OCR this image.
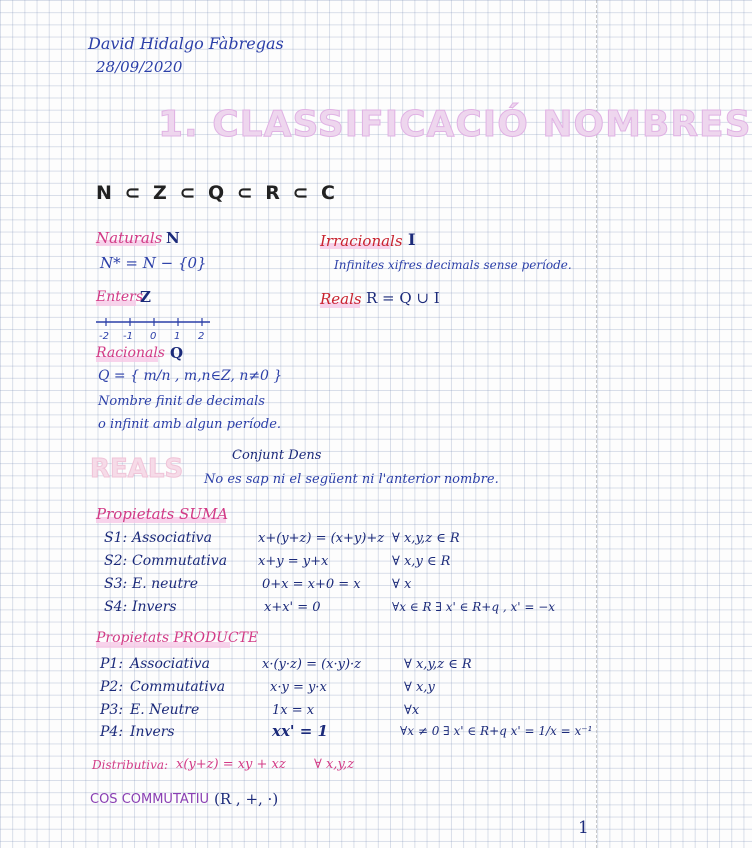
David Hidalgo Fàbregas
28/09/2020
1. CLASSIFICACIÓ NOMBRES
N ⊂ Z ⊂ Q ⊂ R ⊂ C
Naturals N
N* = N − {0}
Irracionals I
Infinites xifres decimals sense període.
Enters
Z
-2 -1 0 1 2
Reals R = Q ∪ I
Racionals Q
Q = { m/n , m,n∈Z, n≠0 }
Nombre finit de decimals
o infinit amb algun període.
REALS	Conjunt Dens
No es sap ni el següent ni l'anterior nombre.
Propietats SUMA
S1: Associativa	x+(y+z) = (x+y)+z ∀ x,y,z ∈ R
S2: Commutativa x+y = y+x	∀ x,y ∈ R
S3: E. neutre	0+x = x+0 = x ∀ x
S4: Invers	x+x' = 0	∀x ∈ R ∃ x' ∈ R+q , x' = −x
Propietats PRODUCTE
P1: Associativa	x·(y·z) = (x·y)·z	∀ x,y,z ∈ R
P2: Commutativa	x·y = y·x	∀ x,y
P3: E. Neutre	1x = x	∀x
P4: Invers	xx' = 1	∀x ≠ 0 ∃ x' ∈ R+q x' = 1/x = x⁻¹
Distributiva: x(y+z) = xy + xz ∀ x,y,z
COS COMMUTATIU (R , +, ·)
1
